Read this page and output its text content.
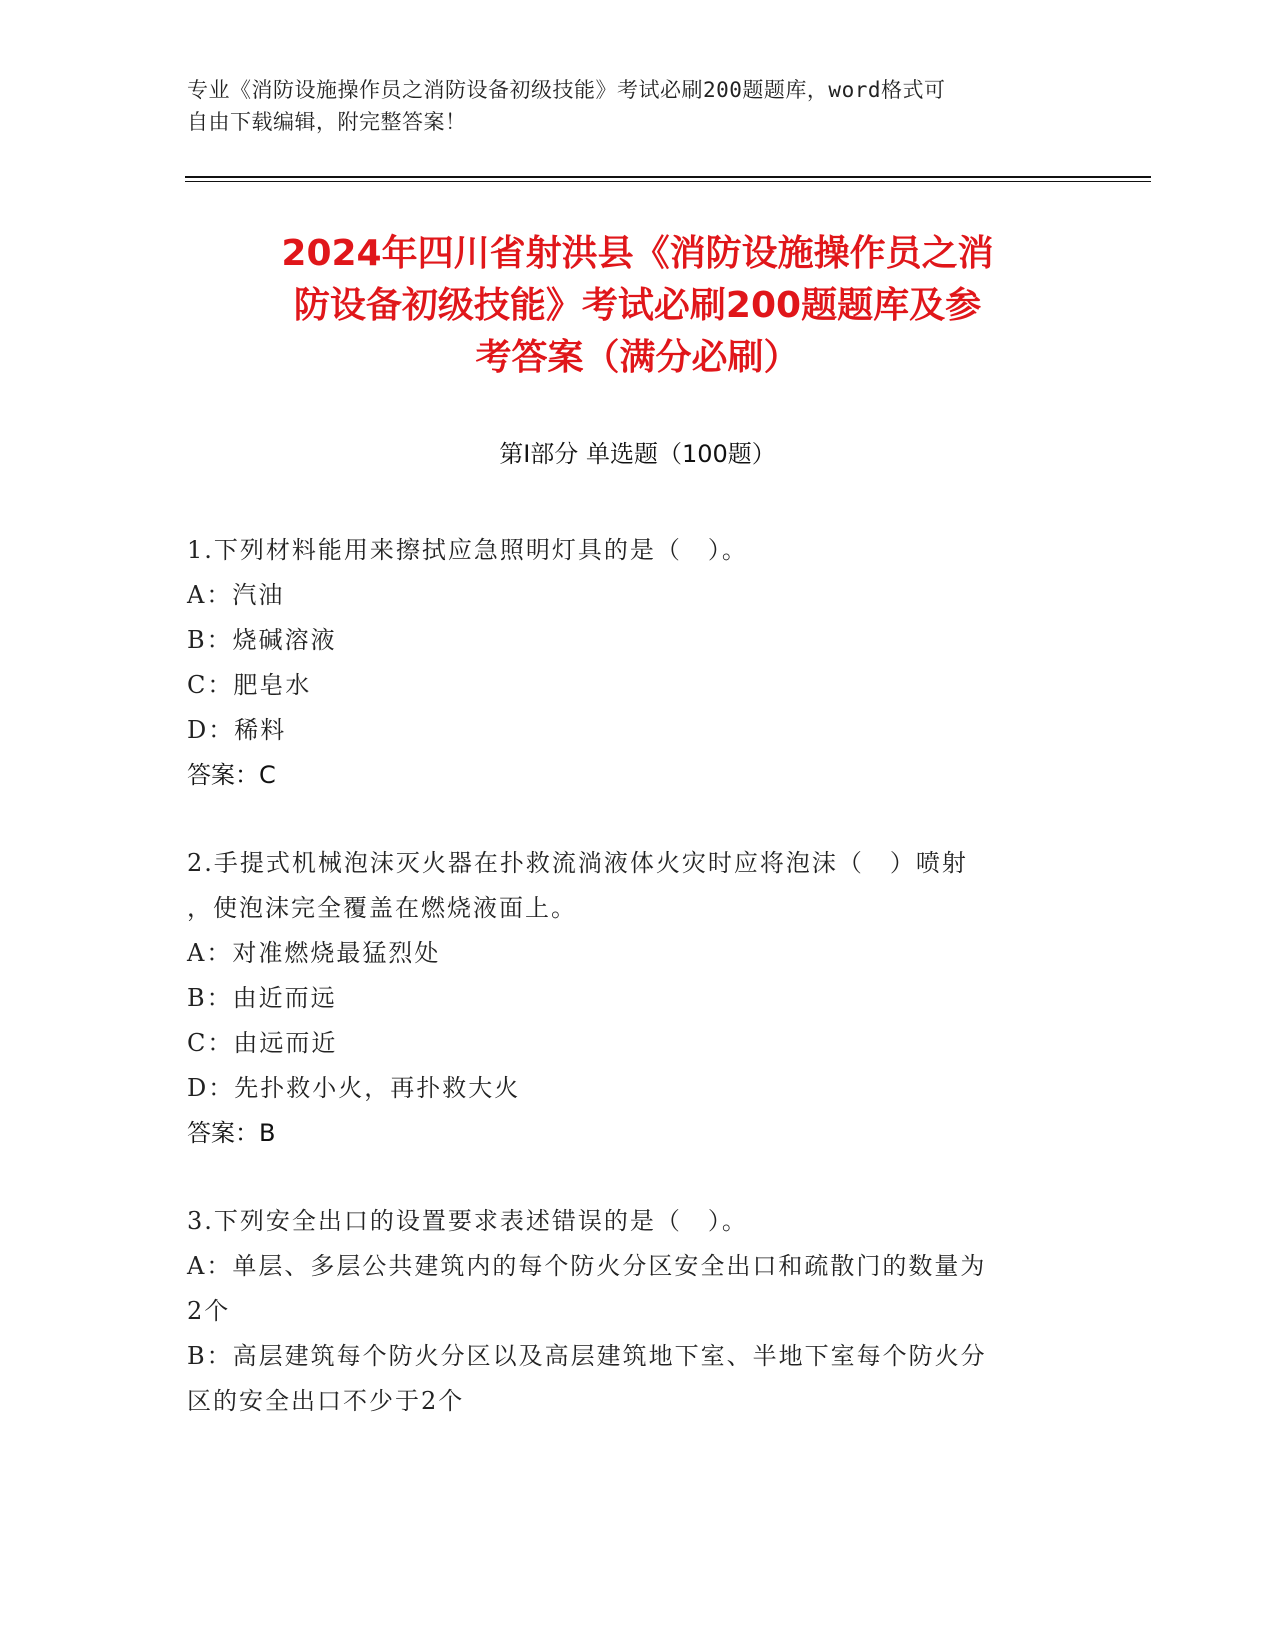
专业《消防设施操作员之消防设备初级技能》考试必刷200题题库，word格式可
自由下载编辑，附完整答案！
2024年四川省射洪县《消防设施操作员之消
防设备初级技能》考试必刷200题题库及参
考答案（满分必刷）
第Ⅰ部分 单选题（100题）
1.下列材料能用来擦拭应急照明灯具的是（　）。
A：汽油
B：烧碱溶液
C：肥皂水
D：稀料
答案：C
2.手提式机械泡沫灭火器在扑救流淌液体火灾时应将泡沫（　）喷射
，使泡沫完全覆盖在燃烧液面上。
A：对准燃烧最猛烈处
B：由近而远
C：由远而近
D：先扑救小火，再扑救大火
答案：B
3.下列安全出口的设置要求表述错误的是（　）。
A：单层、多层公共建筑内的每个防火分区安全出口和疏散门的数量为
2个
B：高层建筑每个防火分区以及高层建筑地下室、半地下室每个防火分
区的安全出口不少于2个
